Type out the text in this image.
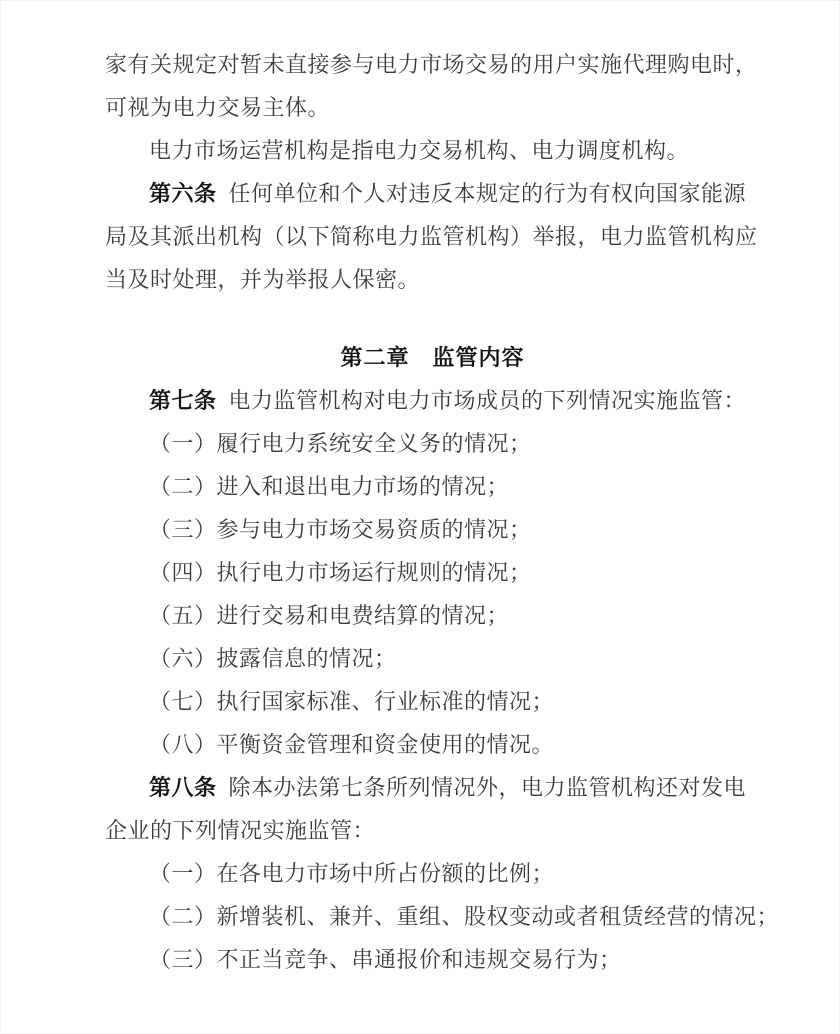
家有关规定对暂未直接参与电力市场交易的用户实施代理购电时，

可视为电力交易主体。

电力市场运营机构是指电力交易机构、电力调度机构。

第六条 任何单位和个人对违反本规定的行为有权向国家能源

局及其派出机构（以下简称电力监管机构）举报，电力监管机构应

当及时处理，并为举报人保密。

第二章　监管内容

第七条 电力监管机构对电力市场成员的下列情况实施监管：

（一）履行电力系统安全义务的情况；

（二）进入和退出电力市场的情况；

（三）参与电力市场交易资质的情况；

（四）执行电力市场运行规则的情况；

（五）进行交易和电费结算的情况；

（六）披露信息的情况；

（七）执行国家标准、行业标准的情况；

（八）平衡资金管理和资金使用的情况。

第八条 除本办法第七条所列情况外，电力监管机构还对发电

企业的下列情况实施监管：

（一）在各电力市场中所占份额的比例；

（二）新增装机、兼并、重组、股权变动或者租赁经营的情况；

（三）不正当竞争、串通报价和违规交易行为；
